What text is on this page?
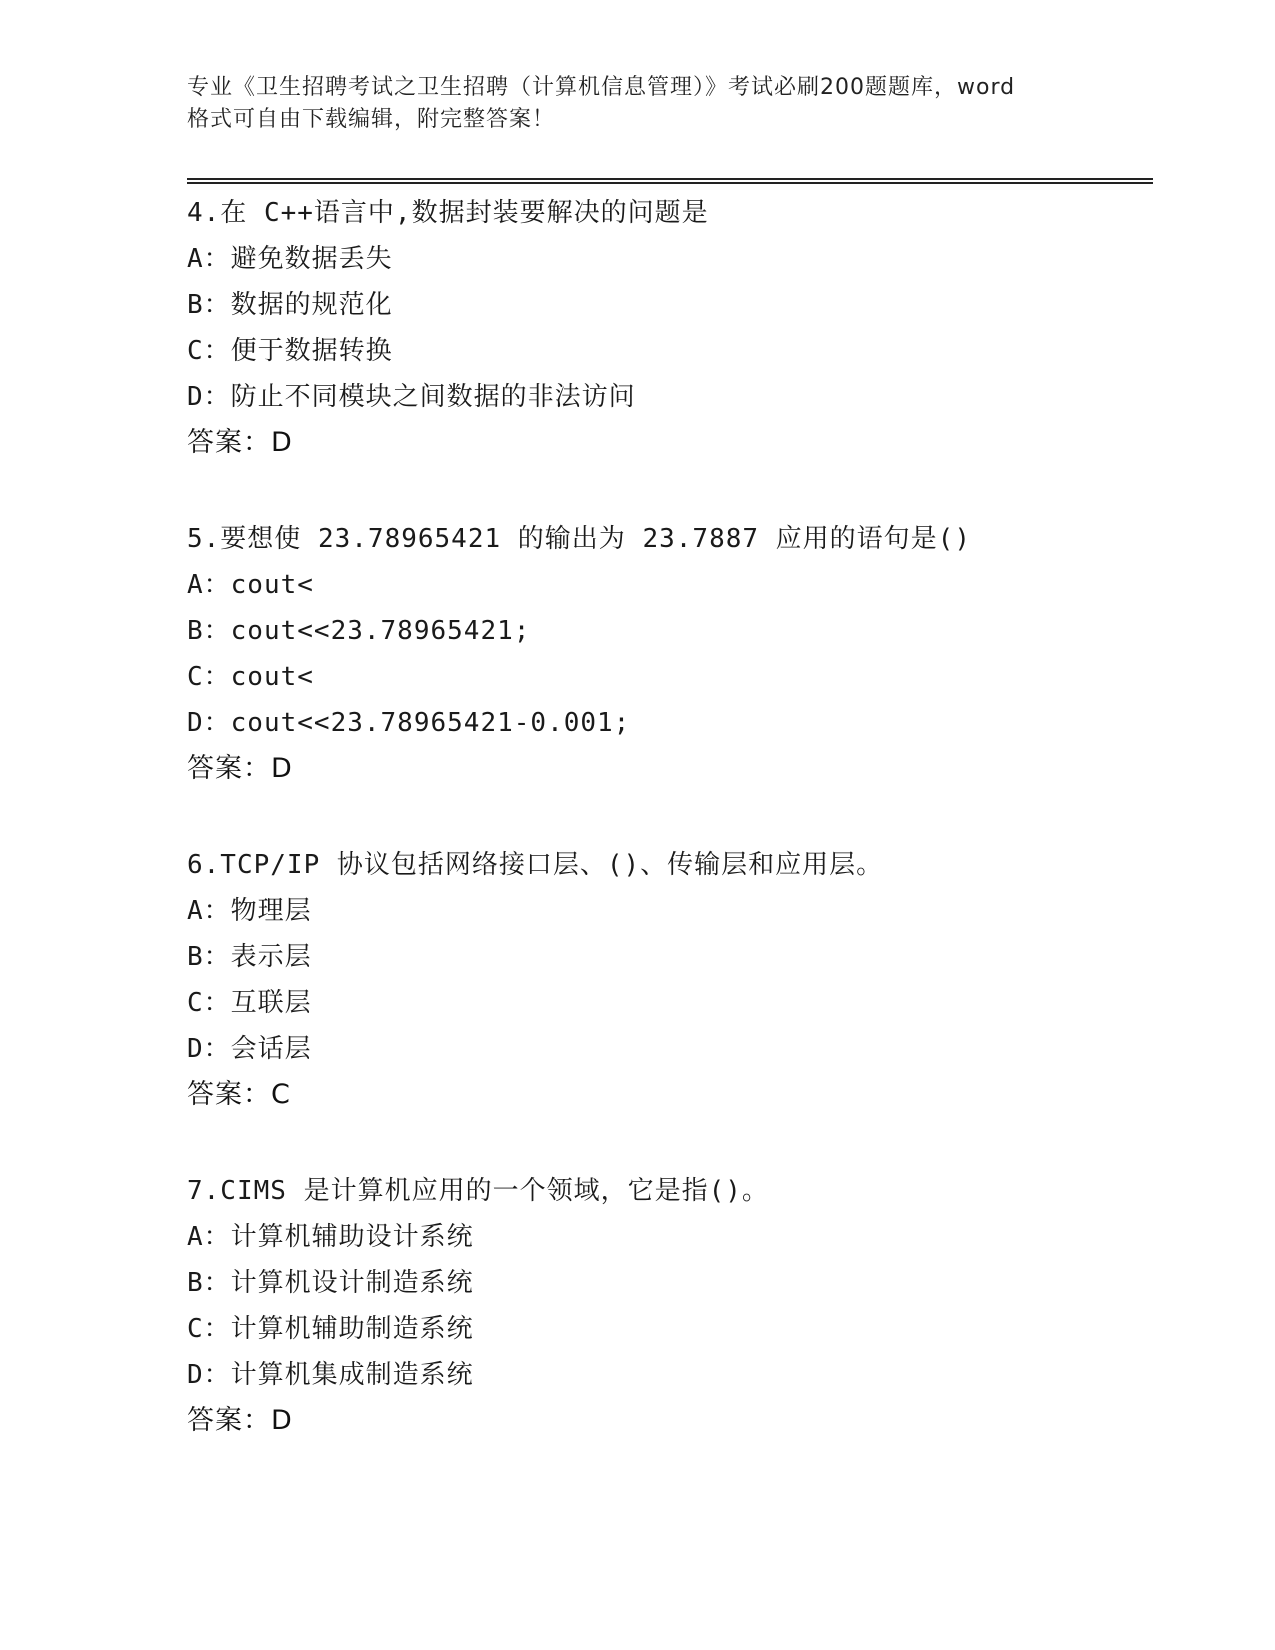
专业《卫生招聘考试之卫生招聘（计算机信息管理）》考试必刷200题题库，word
格式可自由下载编辑，附完整答案！
4.在 C++语言中,数据封装要解决的问题是
A：避免数据丢失
B：数据的规范化
C：便于数据转换
D：防止不同模块之间数据的非法访问
答案：D
5.要想使 23.78965421 的输出为 23.7887 应用的语句是()
A：cout<
B：cout<<23.78965421;
C：cout<
D：cout<<23.78965421-0.001;
答案：D
6.TCP/IP 协议包括网络接口层、()、传输层和应用层。
A：物理层
B：表示层
C：互联层
D：会话层
答案：C
7.CIMS 是计算机应用的一个领域，它是指()。
A：计算机辅助设计系统
B：计算机设计制造系统
C：计算机辅助制造系统
D：计算机集成制造系统
答案：D
